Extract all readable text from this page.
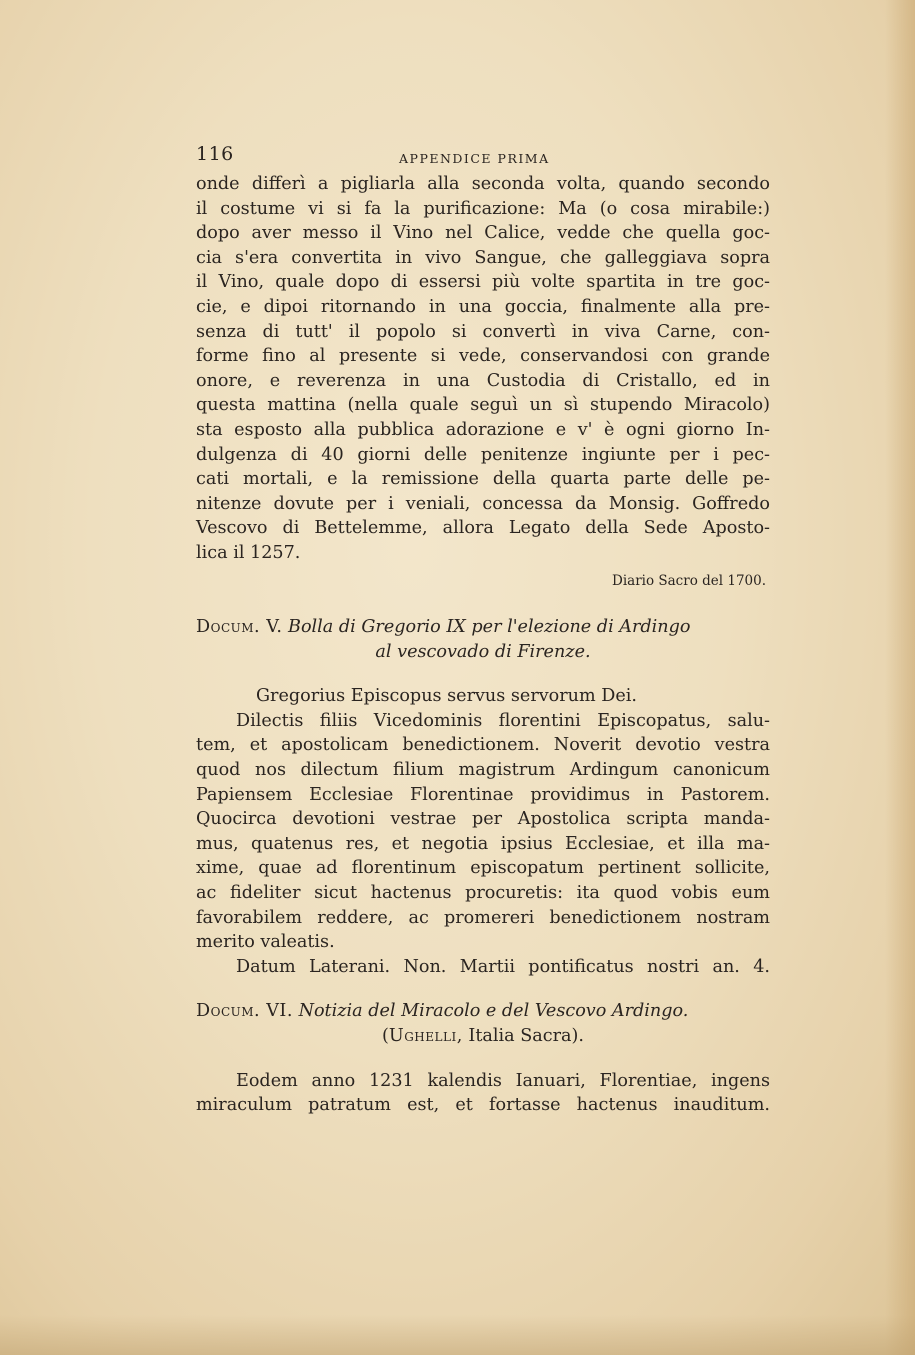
116	APPENDICE PRIMA
onde differì a pigliarla alla seconda volta, quando secondo
il costume vi si fa la purificazione: Ma (o cosa mirabile:)
dopo aver messo il Vino nel Calice, vedde che quella goc-
cia s'era convertita in vivo Sangue, che galleggiava sopra
il Vino, quale dopo di essersi più volte spartita in tre goc-
cie, e dipoi ritornando in una goccia, finalmente alla pre-
senza di tutt' il popolo si convertì in viva Carne, con-
forme fino al presente si vede, conservandosi con grande
onore, e reverenza in una Custodia di Cristallo, ed in
questa mattina (nella quale seguì un sì stupendo Miracolo)
sta esposto alla pubblica adorazione e v' è ogni giorno In-
dulgenza di 40 giorni delle penitenze ingiunte per i pec-
cati mortali, e la remissione della quarta parte delle pe-
nitenze dovute per i veniali, concessa da Monsig. Goffredo
Vescovo di Bettelemme, allora Legato della Sede Aposto-
lica il 1257.
Diario Sacro del 1700.
Docum. V. Bolla di Gregorio IX per l'elezione di Ardingo
al vescovado di Firenze.
Gregorius Episcopus servus servorum Dei.
Dilectis filiis Vicedominis florentini Episcopatus, salu-
tem, et apostolicam benedictionem. Noverit devotio vestra
quod nos dilectum filium magistrum Ardingum canonicum
Papiensem Ecclesiae Florentinae providimus in Pastorem.
Quocirca devotioni vestrae per Apostolica scripta manda-
mus, quatenus res, et negotia ipsius Ecclesiae, et illa ma-
xime, quae ad florentinum episcopatum pertinent sollicite,
ac fideliter sicut hactenus procuretis: ita quod vobis eum
favorabilem reddere, ac promereri benedictionem nostram
merito valeatis.
Datum Laterani. Non. Martii pontificatus nostri an. 4.
Docum. VI. Notizia del Miracolo e del Vescovo Ardingo.
(Ughelli, Italia Sacra).
Eodem anno 1231 kalendis Ianuari, Florentiae, ingens
miraculum patratum est, et fortasse hactenus inauditum.
